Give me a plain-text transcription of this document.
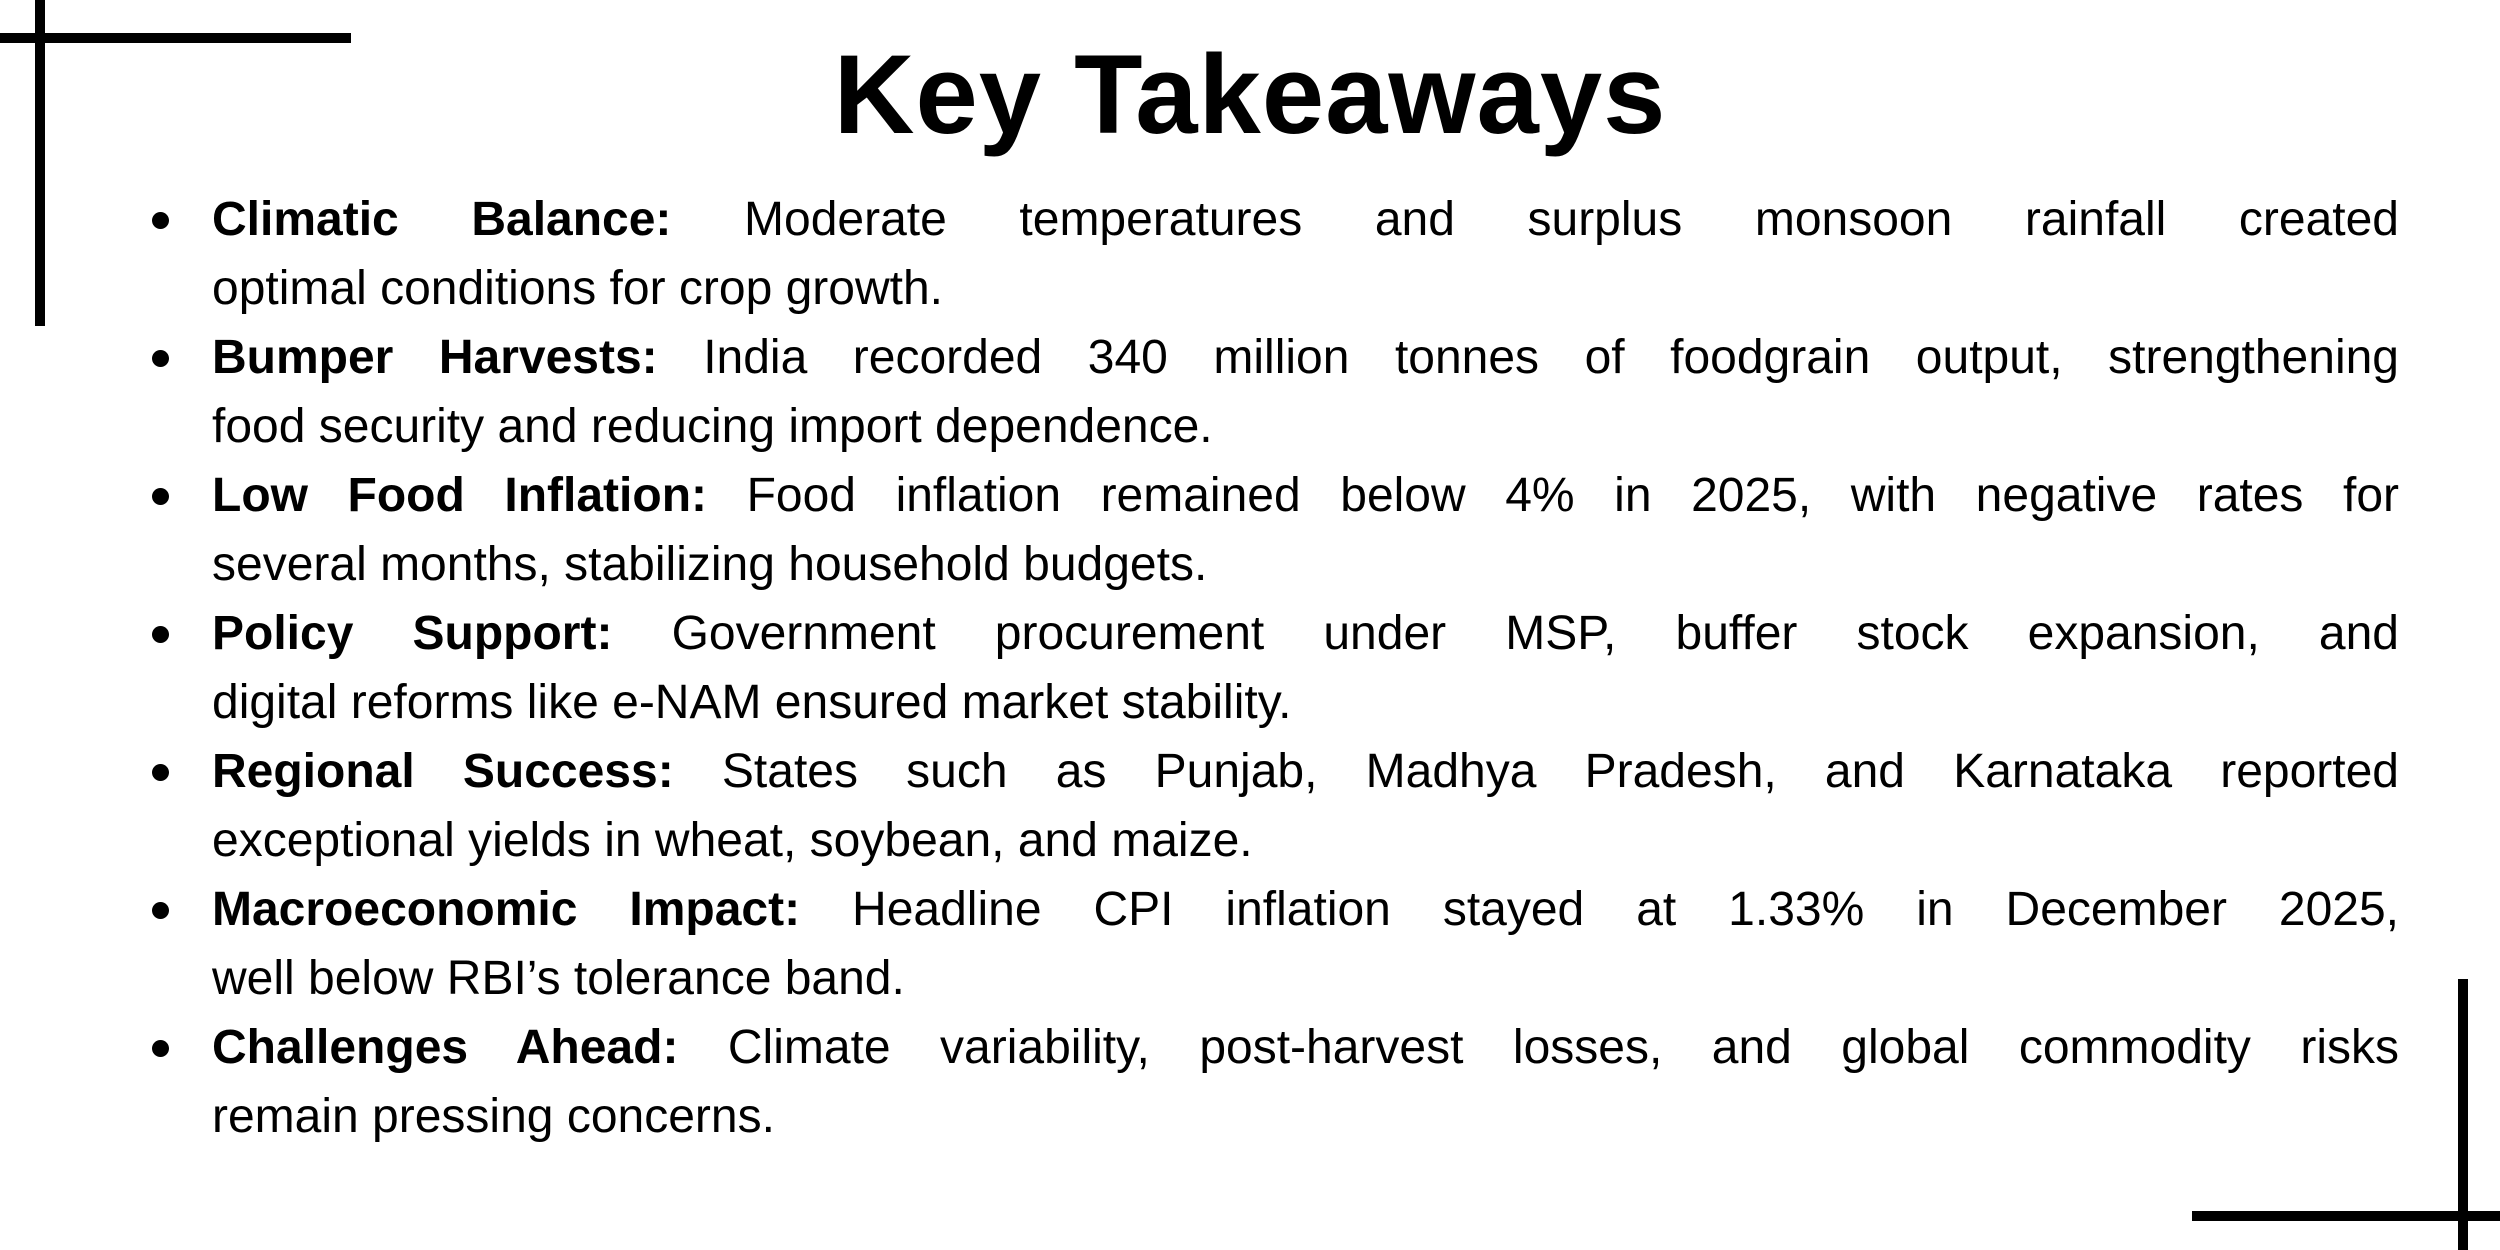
Key Takeaways
Climatic Balance: Moderate temperatures and surplus monsoon rainfall created
optimal conditions for crop growth.
Bumper Harvests: India recorded 340 million tonnes of foodgrain output, strengthening
food security and reducing import dependence.
Low Food Inflation: Food inflation remained below 4% in 2025, with negative rates for
several months, stabilizing household budgets.
Policy Support: Government procurement under MSP, buffer stock expansion, and
digital reforms like e-NAM ensured market stability.
Regional Success: States such as Punjab, Madhya Pradesh, and Karnataka reported
exceptional yields in wheat, soybean, and maize.
Macroeconomic Impact: Headline CPI inflation stayed at 1.33% in December 2025,
well below RBI’s tolerance band.
Challenges Ahead: Climate variability, post-harvest losses, and global commodity risks
remain pressing concerns.
